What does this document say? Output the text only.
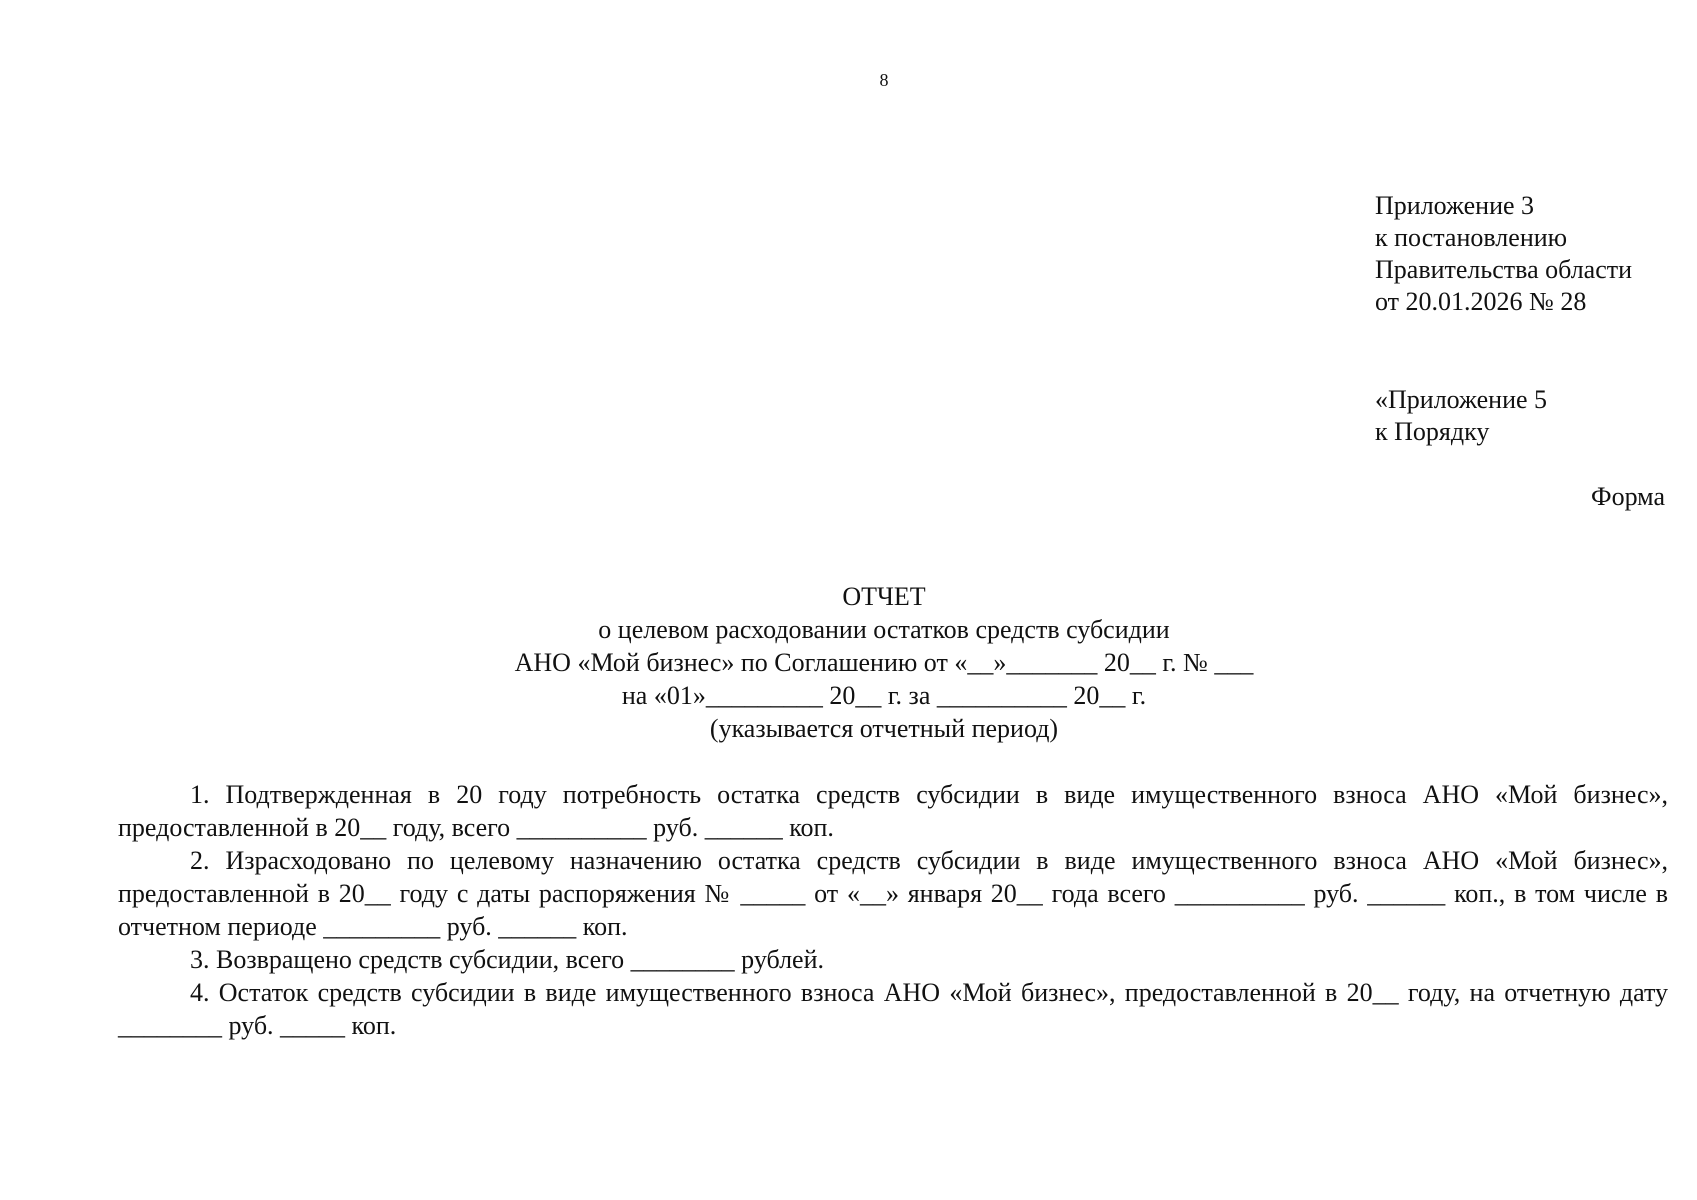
8
Приложение 3
к постановлению
Правительства области
от 20.01.2026 № 28
«Приложение 5
к Порядку
Форма
ОТЧЕТ
о целевом расходовании остатков средств субсидии
АНО «Мой бизнес» по Соглашению от «__»_______ 20__ г. № ___
на «01»_________ 20__ г. за __________ 20__ г.
(указывается отчетный период)

1. Подтвержденная в 20 году потребность остатка средств субсидии в виде имущественного взноса АНО «Мой бизнес», предоставленной в 20__ году, всего __________ руб. ______ коп.

2. Израсходовано по целевому назначению остатка средств субсидии в виде имущественного взноса АНО «Мой бизнес», предоставленной в 20__ году с даты распоряжения № _____ от «__» января 20__ года всего __________ руб. ______ коп., в том числе в отчетном периоде _________ руб. ______ коп.

3. Возвращено средств субсидии, всего ________ рублей.

4. Остаток средств субсидии в виде имущественного взноса АНО «Мой бизнес», предоставленной в 20__ году, на отчетную дату ________ руб. _____ коп.
